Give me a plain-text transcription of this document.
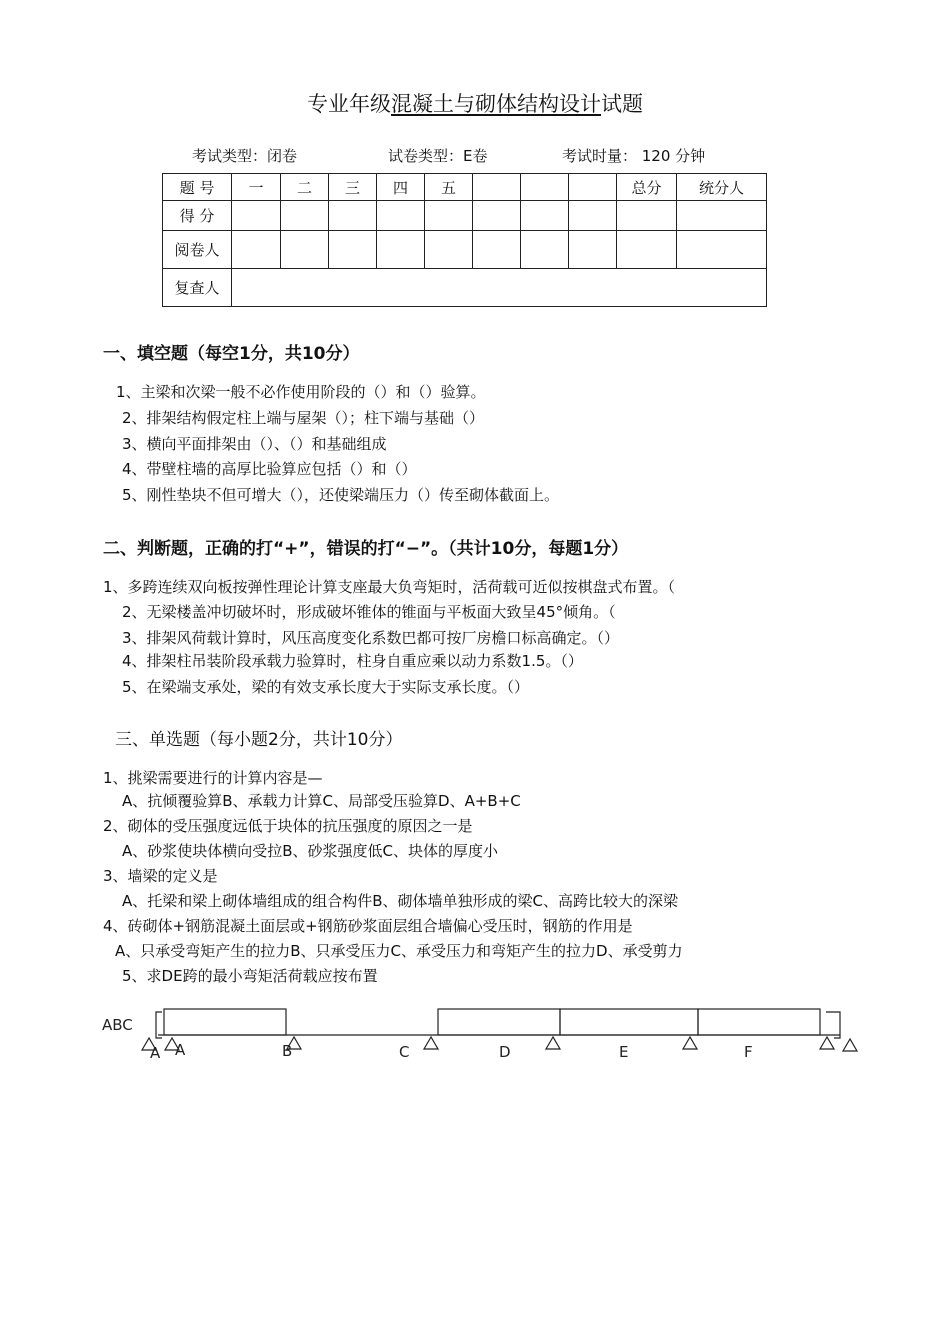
专业年级混凝土与砌体结构设计试题
考试类型：闭卷	试卷类型：E卷	考试时量： 120 分钟
题 号	一	二	三	四	五				总分	统分人
得 分										
阅卷人										
复查人										
一、填空题（每空1分，共10分）
1、主梁和次梁一般不必作使用阶段的（）和（）验算。
2、排架结构假定柱上端与屋架（）；柱下端与基础（）
3、横向平面排架由（）、（）和基础组成
4、带壁柱墙的高厚比验算应包括（）和（）
5、刚性垫块不但可增大（），还使梁端压力（）传至砌体截面上。
二、判断题，正确的打“+”，错误的打“−”。（共计10分，每题1分）
1、多跨连续双向板按弹性理论计算支座最大负弯矩时，活荷载可近似按棋盘式布置。（
2、无梁楼盖冲切破坏时，形成破坏锥体的锥面与平板面大致呈45°倾角。（
3、排架风荷载计算时，风压高度变化系数巴都可按厂房檐口标高确定。（）
4、排架柱吊装阶段承载力验算时，柱身自重应乘以动力系数1.5。（）
5、在梁端支承处，梁的有效支承长度大于实际支承长度。（）
三、单选题（每小题2分，共计10分）
1、挑梁需要进行的计算内容是—
A、抗倾覆验算B、承载力计算C、局部受压验算D、A+B+C
2、砌体的受压强度远低于块体的抗压强度的原因之一是
A、砂浆使块体横向受拉B、砂浆强度低C、块体的厚度小
3、墙梁的定义是
A、托梁和梁上砌体墙组成的组合构件B、砌体墙单独形成的梁C、高跨比较大的深梁
4、砖砌体+钢筋混凝土面层或+钢筋砂浆面层组合墙偏心受压时，钢筋的作用是
A、只承受弯矩产生的拉力B、只承受压力C、承受压力和弯矩产生的拉力D、承受剪力
5、求DE跨的最小弯矩活荷载应按布置
ABC
A A	B	C	D	E	F
